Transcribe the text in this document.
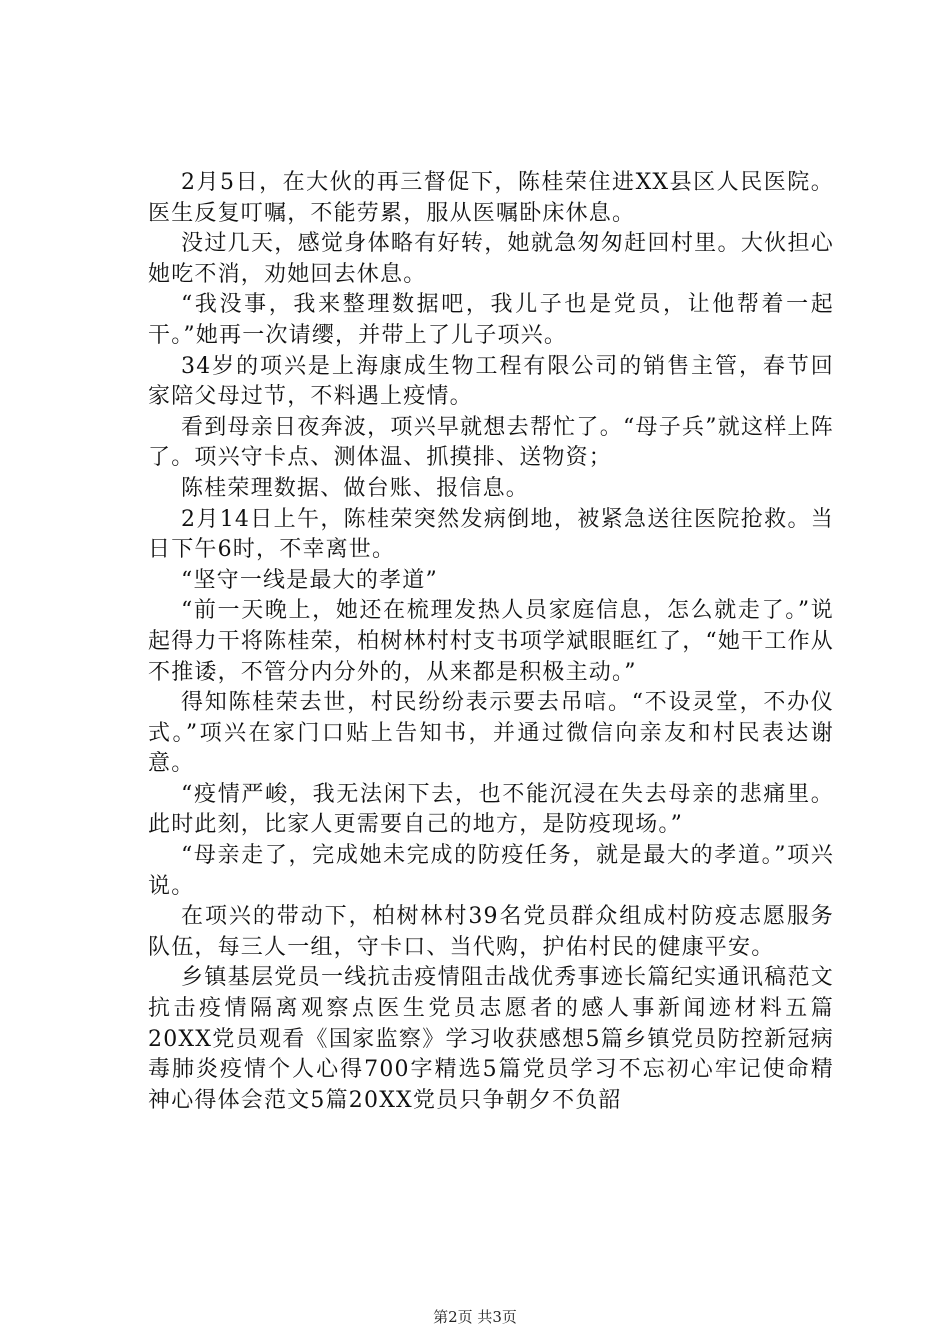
2月5日，在大伙的再三督促下，陈桂荣住进XX县区人民医院。医生反复叮嘱，不能劳累，服从医嘱卧床休息。

没过几天，感觉身体略有好转，她就急匆匆赶回村里。大伙担心她吃不消，劝她回去休息。

“我没事，我来整理数据吧，我儿子也是党员，让他帮着一起干。”她再一次请缨，并带上了儿子项兴。

34岁的项兴是上海康成生物工程有限公司的销售主管，春节回家陪父母过节，不料遇上疫情。

看到母亲日夜奔波，项兴早就想去帮忙了。“母子兵”就这样上阵了。项兴守卡点、测体温、抓摸排、送物资；

陈桂荣理数据、做台账、报信息。

2月14日上午，陈桂荣突然发病倒地，被紧急送往医院抢救。当日下午6时，不幸离世。

“坚守一线是最大的孝道”

“前一天晚上，她还在梳理发热人员家庭信息，怎么就走了。”说起得力干将陈桂荣，柏树林村村支书项学斌眼眶红了，“她干工作从不推诿，不管分内分外的，从来都是积极主动。”

得知陈桂荣去世，村民纷纷表示要去吊唁。“不设灵堂，不办仪式。”项兴在家门口贴上告知书，并通过微信向亲友和村民表达谢意。

“疫情严峻，我无法闲下去，也不能沉浸在失去母亲的悲痛里。此时此刻，比家人更需要自己的地方，是防疫现场。”

“母亲走了，完成她未完成的防疫任务，就是最大的孝道。”项兴说。

在项兴的带动下，柏树林村39名党员群众组成村防疫志愿服务队伍，每三人一组，守卡口、当代购，护佑村民的健康平安。

乡镇基层党员一线抗击疫情阻击战优秀事迹长篇纪实通讯稿范文抗击疫情隔离观察点医生党员志愿者的感人事新闻迹材料五篇20XX党员观看《国家监察》学习收获感想5篇乡镇党员防控新冠病毒肺炎疫情个人心得700字精选5篇党员学习不忘初心牢记使命精神心得体会范文5篇20XX党员只争朝夕不负韶

第2页 共3页
